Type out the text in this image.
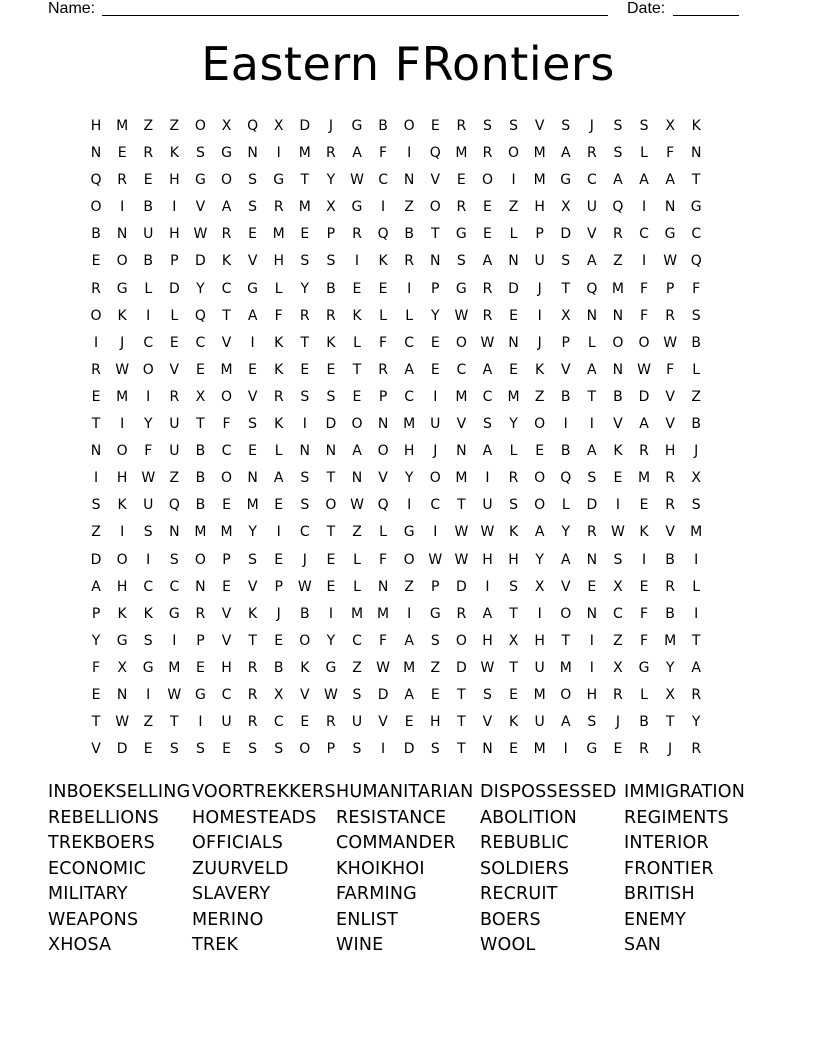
Name:	Date:
Eastern FRontiers
H	M	Z	Z	O	X	Q	X	D	J	G	B	O	E	R	S	S	V	S	J	S	S	X	K
N	E	R	K	S	G	N	I	M	R	A	F	I	Q	M	R	O	M	A	R	S	L	F	N
Q	R	E	H	G	O	S	G	T	Y	W	C	N	V	E	O	I	M	G	C	A	A	A	T
O	I	B	I	V	A	S	R	M	X	G	I	Z	O	R	E	Z	H	X	U	Q	I	N	G
B	N	U	H W	R	E	M	E	P	R	Q	B	T	G	E	L	P	D	V	R	C	G	C
E	O	B	P	D	K	V	H	S	S	I	K	R	N	S	A	N	U	S	A	Z	I	W Q
R	G	L	D	Y	C	G	L	Y	B	E	E	I	P	G	R	D	J	T	Q	M	F	P	F
O	K	I	L	Q	T	A	F	R	R	K	L	L	Y	W	R	E	I	X	N	N	F	R	S
I	J	C	E	C	V	I	K	T	K	L	F	C	E	O W N	J	P	L	O	O W	B
R	W O	V	E	M	E	K	E	E	T	R	A	E	C	A	E	K	V	A	N W	F	L
E	M	I	R	X	O	V	R	S	S	E	P	C	I	M	C	M	Z	B	T	B	D	V	Z
T	I	Y	U	T	F	S	K	I	D	O	N	M	U	V	S	Y	O	I	I	V	A	V	B
N	O	F	U	B	C	E	L	N	N	A	O	H	J	N	A	L	E	B	A	K	R	H	J
I	H W	Z	B	O	N	A	S	T	N	V	Y	O	M	I	R	O	Q	S	E	M	R	X
S	K	U	Q	B	E	M	E	S	O W Q	I	C	T	U	S	O	L	D	I	E	R	S
Z	I	S	N	M	M	Y	I	C	T	Z	L	G	I	W W	K	A	Y	R	W	K	V	M
D	O	I	S	O	P	S	E	J	E	L	F	O W W H	H	Y	A	N	S	I	B	I
A	H	C	C	N	E	V	P	W	E	L	N	Z	P	D	I	S	X	V	E	X	E	R	L
P	K	K	G	R	V	K	J	B	I	M	M	I	G	R	A	T	I	O	N	C	F	B	I
Y	G	S	I	P	V	T	E	O	Y	C	F	A	S	O	H	X	H	T	I	Z	F	M	T
F	X	G	M	E	H	R	B	K	G	Z	W M	Z	D W	T	U	M	I	X	G	Y	A
E	N	I	W G	C	R	X	V	W	S	D	A	E	T	S	E	M	O	H	R	L	X	R
T	W	Z	T	I	U	R	C	E	R	U	V	E	H	T	V	K	U	A	S	J	B	T	Y
V	D	E	S	S	E	S	S	O	P	S	I	D	S	T	N	E	M	I	G	E	R	J	R
INBOEKSELLING VOORTREKKERS HUMANITARIAN DISPOSSESSED IMMIGRATION
REBELLIONS	HOMESTEADS	RESISTANCE	ABOLITION	REGIMENTS
TREKBOERS	OFFICIALS	COMMANDER	REBUBLIC	INTERIOR
ECONOMIC	ZUURVELD	KHOIKHOI	SOLDIERS	FRONTIER
MILITARY	SLAVERY	FARMING	RECRUIT	BRITISH
WEAPONS	MERINO	ENLIST	BOERS	ENEMY
XHOSA	TREK	WINE	WOOL	SAN
